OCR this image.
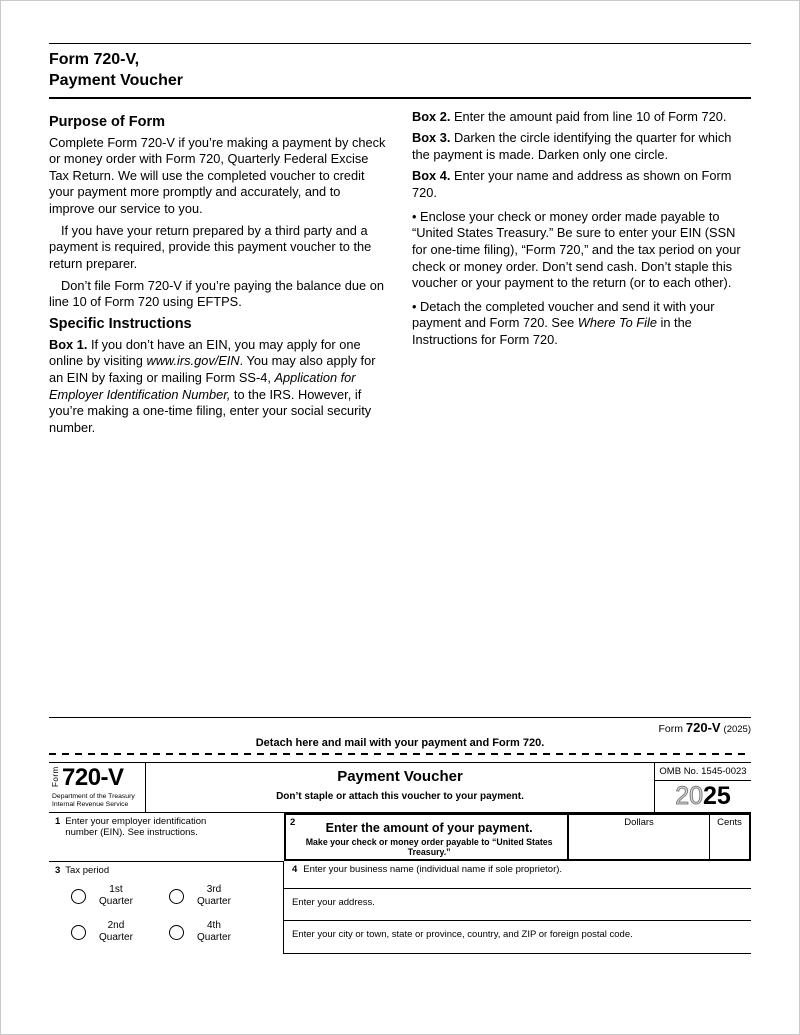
Form 720-V,
Payment Voucher
Purpose of Form

Complete Form 720-V if you’re making a payment by check or money order with Form 720, Quarterly Federal Excise Tax Return. We will use the completed voucher to credit your payment more promptly and accurately, and to improve our service to you.

If you have your return prepared by a third party and a payment is required, provide this payment voucher to the return preparer.

Don’t file Form 720-V if you’re paying the balance due on line 10 of Form 720 using EFTPS.

Specific Instructions

Box 1. If you don’t have an EIN, you may apply for one online by visiting www.irs.gov/EIN. You may also apply for an EIN by faxing or mailing Form SS-4, Application for Employer Identification Number, to the IRS. However, if you’re making a one-time filing, enter your social security number.

Box 2. Enter the amount paid from line 10 of Form 720.

Box 3. Darken the circle identifying the quarter for which the payment is made. Darken only one circle.

Box 4. Enter your name and address as shown on Form 720.

• Enclose your check or money order made payable to “United States Treasury.” Be sure to enter your EIN (SSN for one-time filing), “Form 720,” and the tax period on your check or money order. Don’t send cash. Don’t staple this voucher or your payment to the return (or to each other).

• Detach the completed voucher and send it with your payment and Form 720. See Where To File in the Instructions for Form 720.

Form 720-V (2025)
Detach here and mail with your payment and Form 720.
Form 720-V
Department of the Treasury
Internal Revenue Service
Payment Voucher
Don’t staple or attach this voucher to your payment.
OMB No. 1545-0023
20 25
1 Enter your employer identification number (EIN). See instructions.
2	Enter the amount of your payment.
Make your check or money order payable to “United States Treasury.”
Dollars	Cents
3 Tax period
1st
Quarter
3rd
Quarter
2nd
Quarter
4th
Quarter
4 Enter your business name (individual name if sole proprietor).
Enter your address.
Enter your city or town, state or province, country, and ZIP or foreign postal code.
